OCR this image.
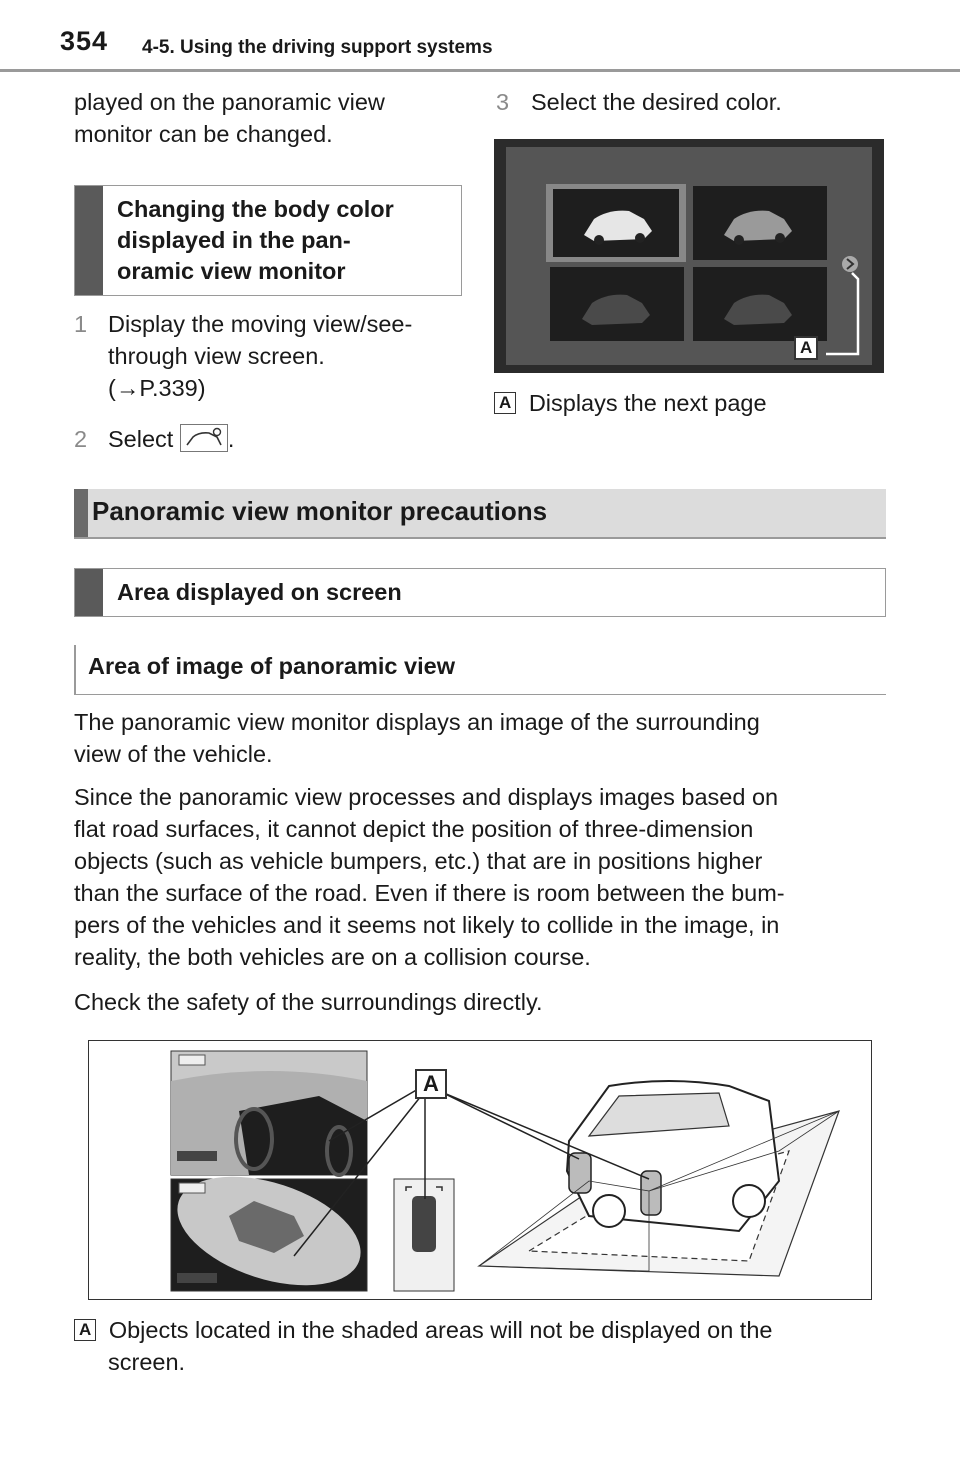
354 4-5. Using the driving support systems
played on the panoramic view
monitor can be changed.
Changing the body color
displayed in the pan-
oramic view monitor
1 Display the moving view/see-
through view screen.
(→P.339)
2 Select .
3 Select the desired color.
A
A Displays the next page
Panoramic view monitor precautions
Area displayed on screen
Area of image of panoramic view
The panoramic view monitor displays an image of the surrounding
view of the vehicle.
Since the panoramic view processes and displays images based on
flat road surfaces, it cannot depict the position of three-dimension
objects (such as vehicle bumpers, etc.) that are in positions higher
than the surface of the road. Even if there is room between the bum-
pers of the vehicles and it seems not likely to collide in the image, in
reality, the both vehicles are on a collision course.
Check the safety of the surroundings directly.
A
A Objects located in the shaded areas will not be displayed on the
screen.
